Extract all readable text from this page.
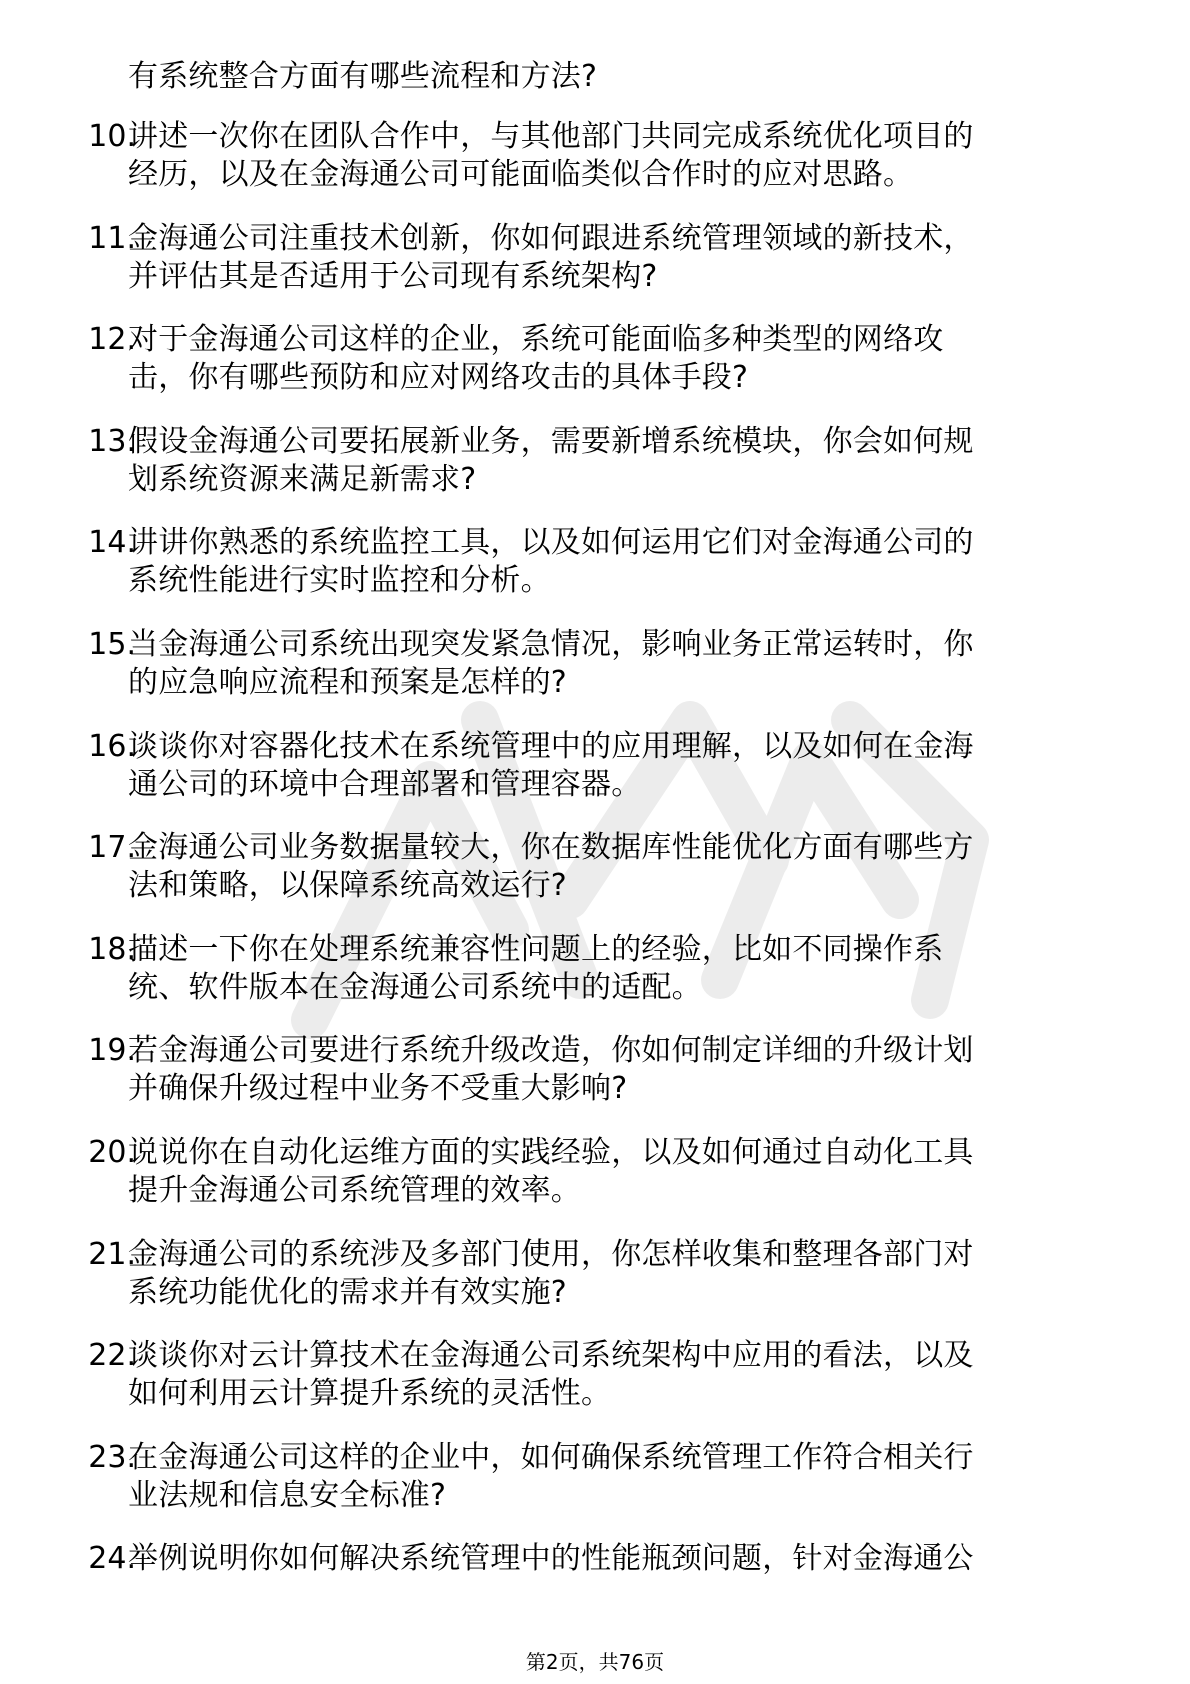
有系统整合方面有哪些流程和方法?
10.
讲述一次你在团队合作中，与其他部门共同完成系统优化项目的
经历，以及在金海通公司可能面临类似合作时的应对思路。
11.
金海通公司注重技术创新，你如何跟进系统管理领域的新技术，
并评估其是否适用于公司现有系统架构?
12.
对于金海通公司这样的企业，系统可能面临多种类型的网络攻
击，你有哪些预防和应对网络攻击的具体手段?
13.
假设金海通公司要拓展新业务，需要新增系统模块，你会如何规
划系统资源来满足新需求?
14.
讲讲你熟悉的系统监控工具，以及如何运用它们对金海通公司的
系统性能进行实时监控和分析。
15.
当金海通公司系统出现突发紧急情况，影响业务正常运转时，你
的应急响应流程和预案是怎样的?
16.
谈谈你对容器化技术在系统管理中的应用理解，以及如何在金海
通公司的环境中合理部署和管理容器。
17.
金海通公司业务数据量较大，你在数据库性能优化方面有哪些方
法和策略，以保障系统高效运行?
18.
描述一下你在处理系统兼容性问题上的经验，比如不同操作系
统、软件版本在金海通公司系统中的适配。
19.
若金海通公司要进行系统升级改造，你如何制定详细的升级计划
并确保升级过程中业务不受重大影响?
20.
说说你在自动化运维方面的实践经验，以及如何通过自动化工具
提升金海通公司系统管理的效率。
21.
金海通公司的系统涉及多部门使用，你怎样收集和整理各部门对
系统功能优化的需求并有效实施?
22.
谈谈你对云计算技术在金海通公司系统架构中应用的看法，以及
如何利用云计算提升系统的灵活性。
23.
在金海通公司这样的企业中，如何确保系统管理工作符合相关行
业法规和信息安全标准?
24.
举例说明你如何解决系统管理中的性能瓶颈问题，针对金海通公
第2页，共76页
